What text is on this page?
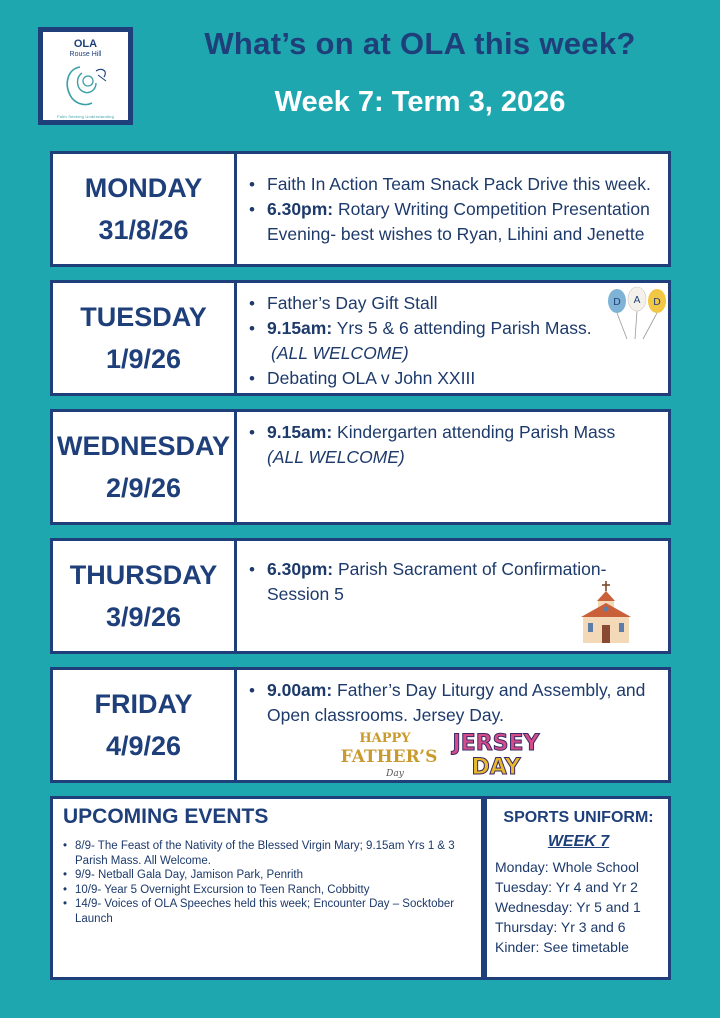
OLA
Rouse Hill
Faith Seeking Understanding
What’s on at OLA this week?
Week 7: Term 3, 2026
MONDAY
31/8/26
• Faith In Action Team Snack Pack Drive this week.
• 6.30pm: Rotary Writing Competition Presentation Evening- best wishes to Ryan, Lihini and Jenette
TUESDAY
1/9/26
• Father’s Day Gift Stall
• 9.15am: Yrs 5 & 6 attending Parish Mass.
(ALL WELCOME)
• Debating OLA v John XXIII
D A D
WEDNESDAY
2/9/26
• 9.15am: Kindergarten attending Parish Mass
(ALL WELCOME)
THURSDAY
3/9/26
• 6.30pm: Parish Sacrament of Confirmation- Session 5
FRIDAY
4/9/26
• 9.00am: Father’s Day Liturgy and Assembly, and Open classrooms. Jersey Day.
HAPPY
FATHER’S
Day
JERSEY
DAY
UPCOMING EVENTS
• 8/9- The Feast of the Nativity of the Blessed Virgin Mary; 9.15am Yrs 1 & 3 Parish Mass. All Welcome.
• 9/9- Netball Gala Day, Jamison Park, Penrith
• 10/9- Year 5 Overnight Excursion to Teen Ranch, Cobbitty
• 14/9- Voices of OLA Speeches held this week; Encounter Day – Socktober Launch
SPORTS UNIFORM:
WEEK 7
Monday: Whole School
Tuesday: Yr 4 and Yr 2
Wednesday: Yr 5 and 1
Thursday: Yr 3 and 6
Kinder: See timetable
